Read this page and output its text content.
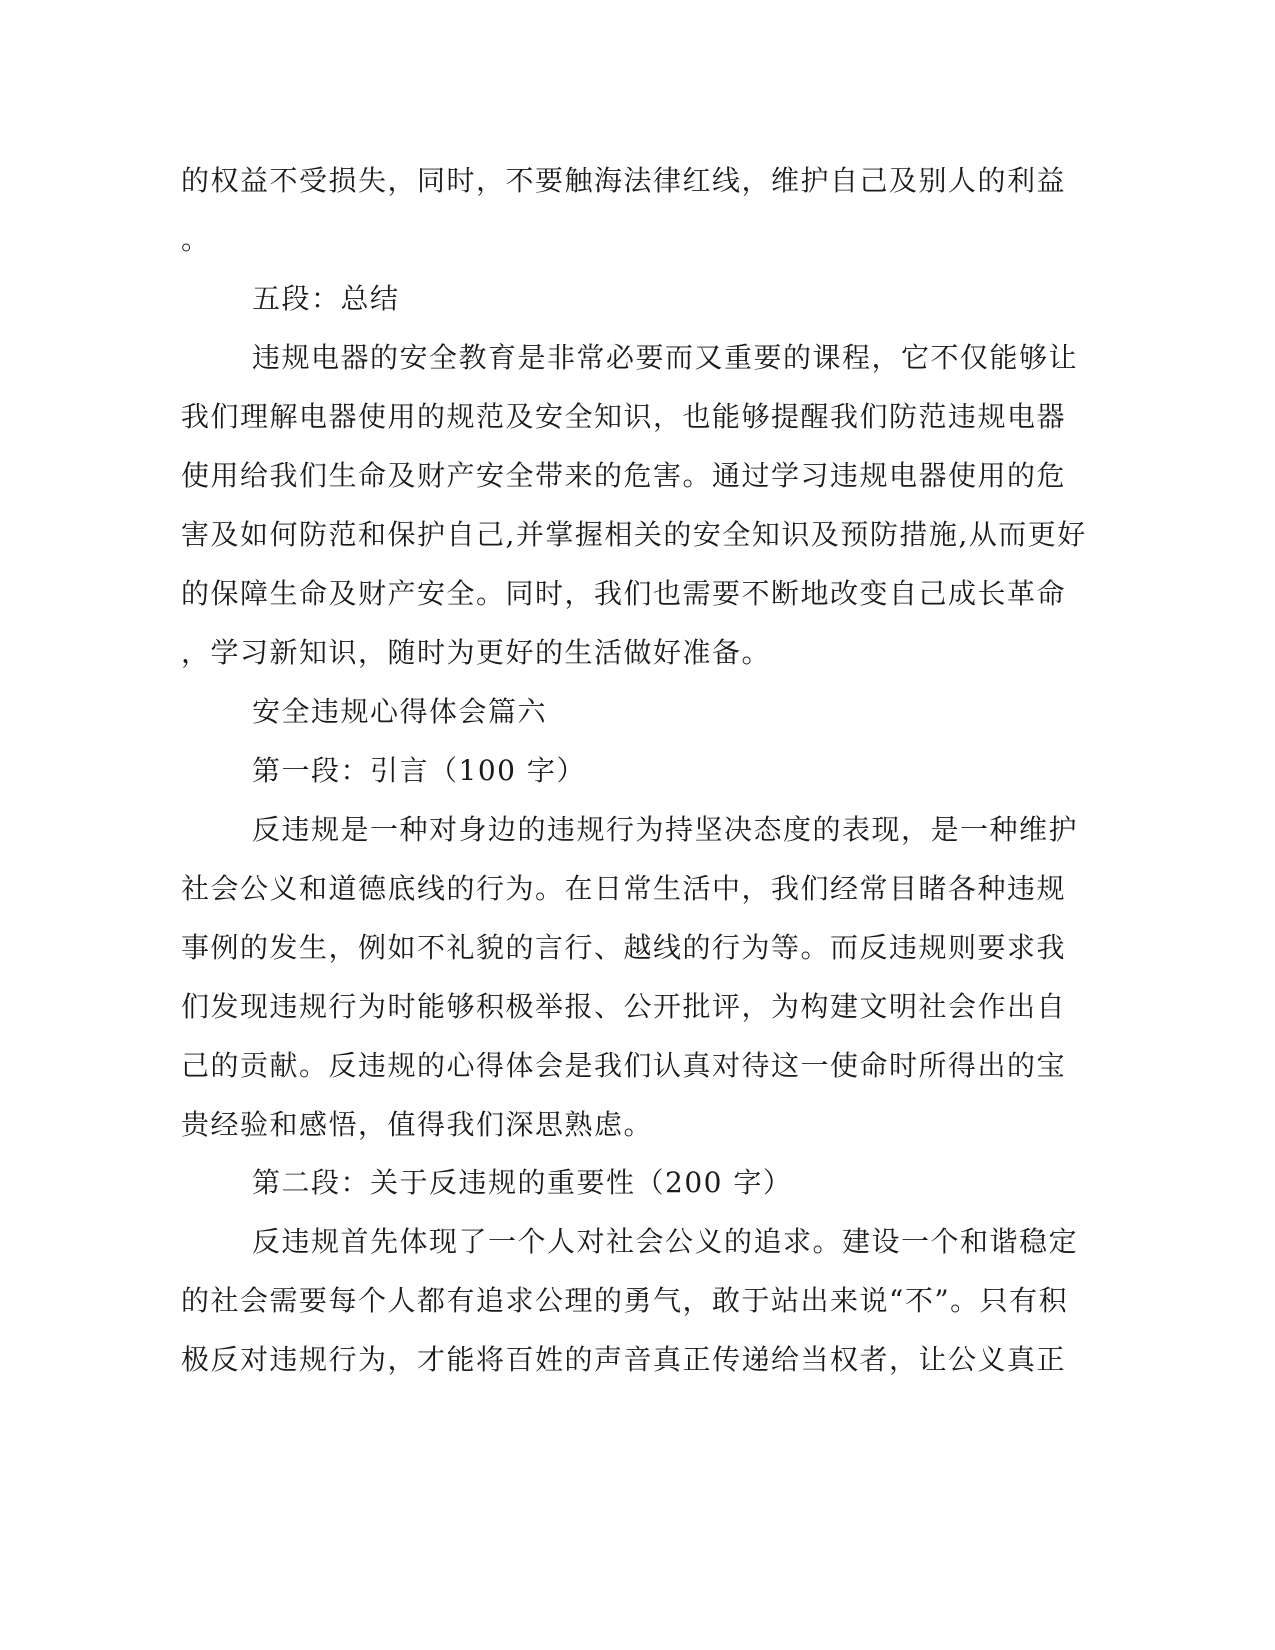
的权益不受损失，同时，不要触海法律红线，维护自己及别人的利益
。
五段：总结
违规电器的安全教育是非常必要而又重要的课程，它不仅能够让
我们理解电器使用的规范及安全知识，也能够提醒我们防范违规电器
使用给我们生命及财产安全带来的危害。通过学习违规电器使用的危
害及如何防范和保护自己,并掌握相关的安全知识及预防措施,从而更好
的保障生命及财产安全。同时，我们也需要不断地改变自己成长革命
，学习新知识，随时为更好的生活做好准备。
安全违规心得体会篇六
第一段：引言（100 字）
反违规是一种对身边的违规行为持坚决态度的表现，是一种维护
社会公义和道德底线的行为。在日常生活中，我们经常目睹各种违规
事例的发生，例如不礼貌的言行、越线的行为等。而反违规则要求我
们发现违规行为时能够积极举报、公开批评，为构建文明社会作出自
己的贡献。反违规的心得体会是我们认真对待这一使命时所得出的宝
贵经验和感悟，值得我们深思熟虑。
第二段：关于反违规的重要性（200 字）
反违规首先体现了一个人对社会公义的追求。建设一个和谐稳定
的社会需要每个人都有追求公理的勇气，敢于站出来说“不”。只有积
极反对违规行为，才能将百姓的声音真正传递给当权者，让公义真正
